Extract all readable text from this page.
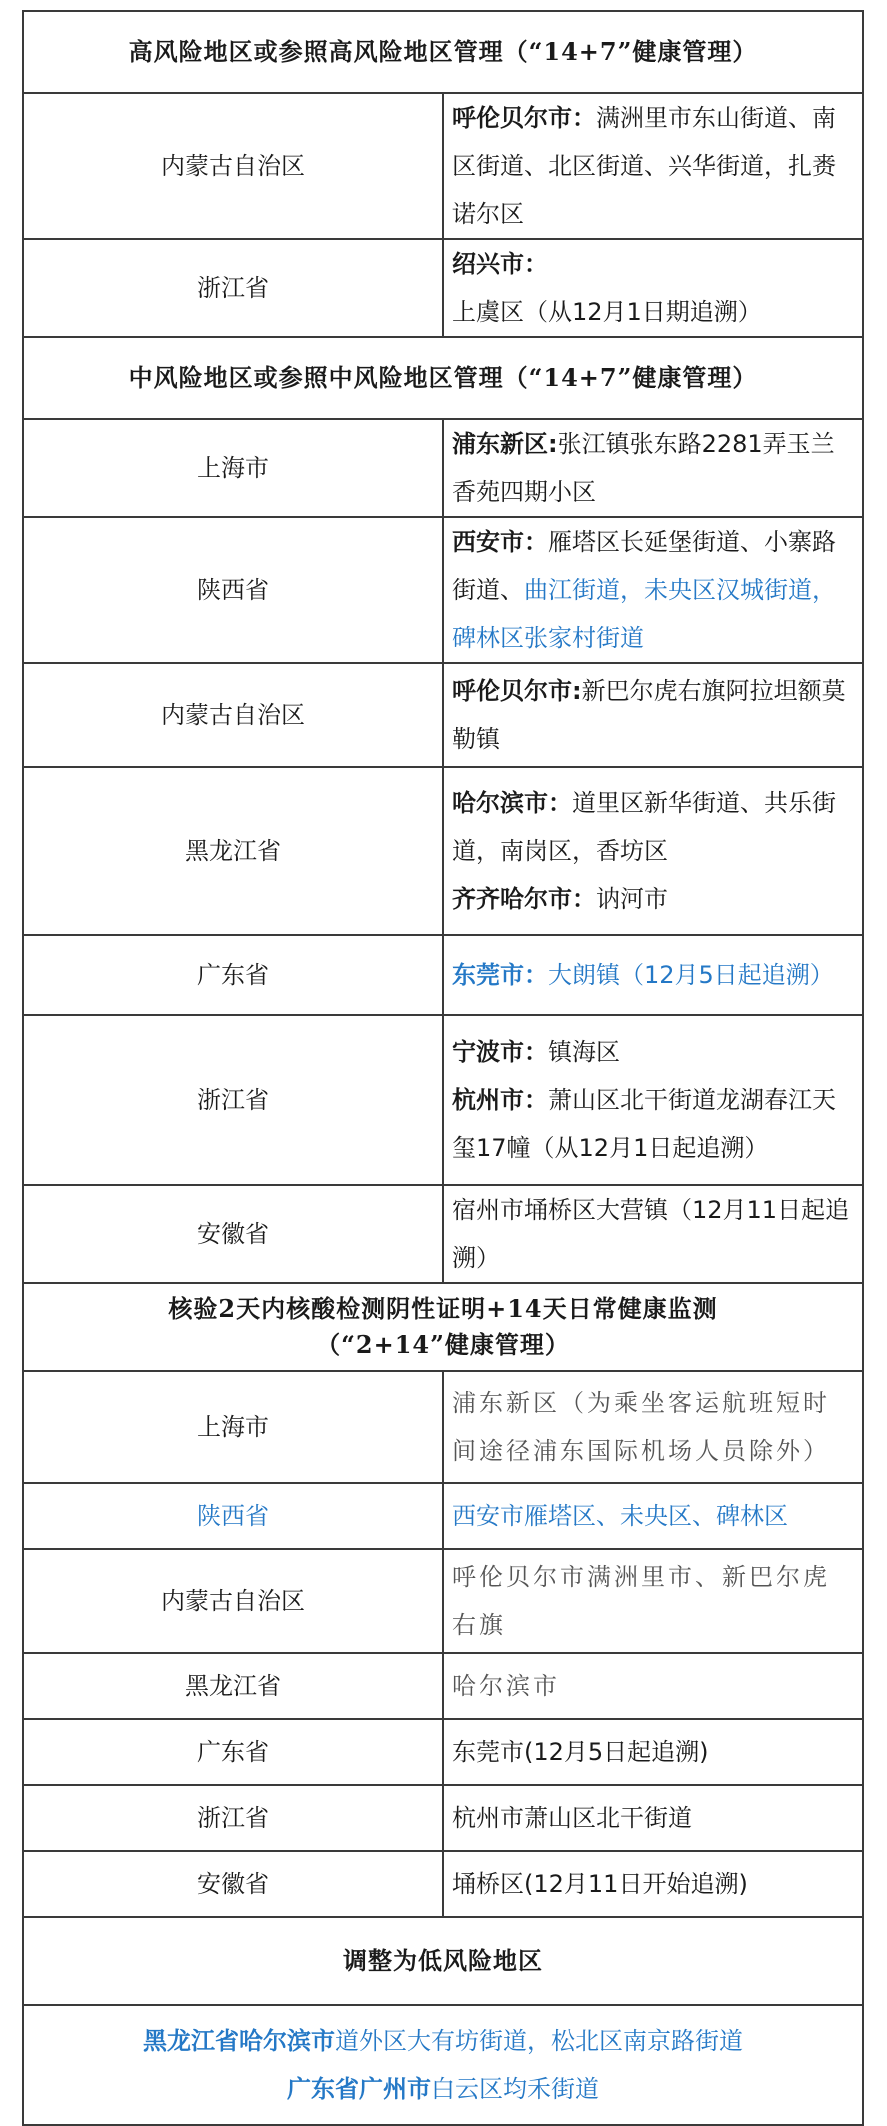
高风险地区或参照高风险地区管理（“14+7”健康管理）	
内蒙古自治区	呼伦贝尔市：满洲里市东山街道、南区街道、北区街道、兴华街道，扎赉诺尔区
浙江省	绍兴市：上虞区（从12月1日期追溯）
中风险地区或参照中风险地区管理（“14+7”健康管理）	
上海市	浦东新区:张江镇张东路2281弄玉兰香苑四期小区
陕西省	西安市：雁塔区长延堡街道、小寨路街道、曲江街道，未央区汉城街道，碑林区张家村街道
内蒙古自治区	呼伦贝尔市:新巴尔虎右旗阿拉坦额莫勒镇
黑龙江省	哈尔滨市：道里区新华街道、共乐街道，南岗区，香坊区
齐齐哈尔市：讷河市

广东省	东莞市：大朗镇（12月5日起追溯）
浙江省	宁波市：镇海区
杭州市：萧山区北干街道龙湖春江天玺17幢（从12月1日起追溯）

安徽省	宿州市埇桥区大营镇（12月11日起追溯）

核验2天内核酸检测阴性证明+14天日常健康监测
（“2+14”健康管理）	

上海市	浦东新区（为乘坐客运航班短时间途径浦东国际机场人员除外）
陕西省	西安市雁塔区、未央区、碑林区
内蒙古自治区	呼伦贝尔市满洲里市、新巴尔虎右旗
黑龙江省	哈尔滨市
广东省	东莞市(12月5日起追溯)
浙江省	杭州市萧山区北干街道
安徽省	埇桥区(12月11日开始追溯)
调整为低风险地区	

黑龙江省哈尔滨市道外区大有坊街道，松北区南京路街道
广东省广州市白云区均禾街道	
